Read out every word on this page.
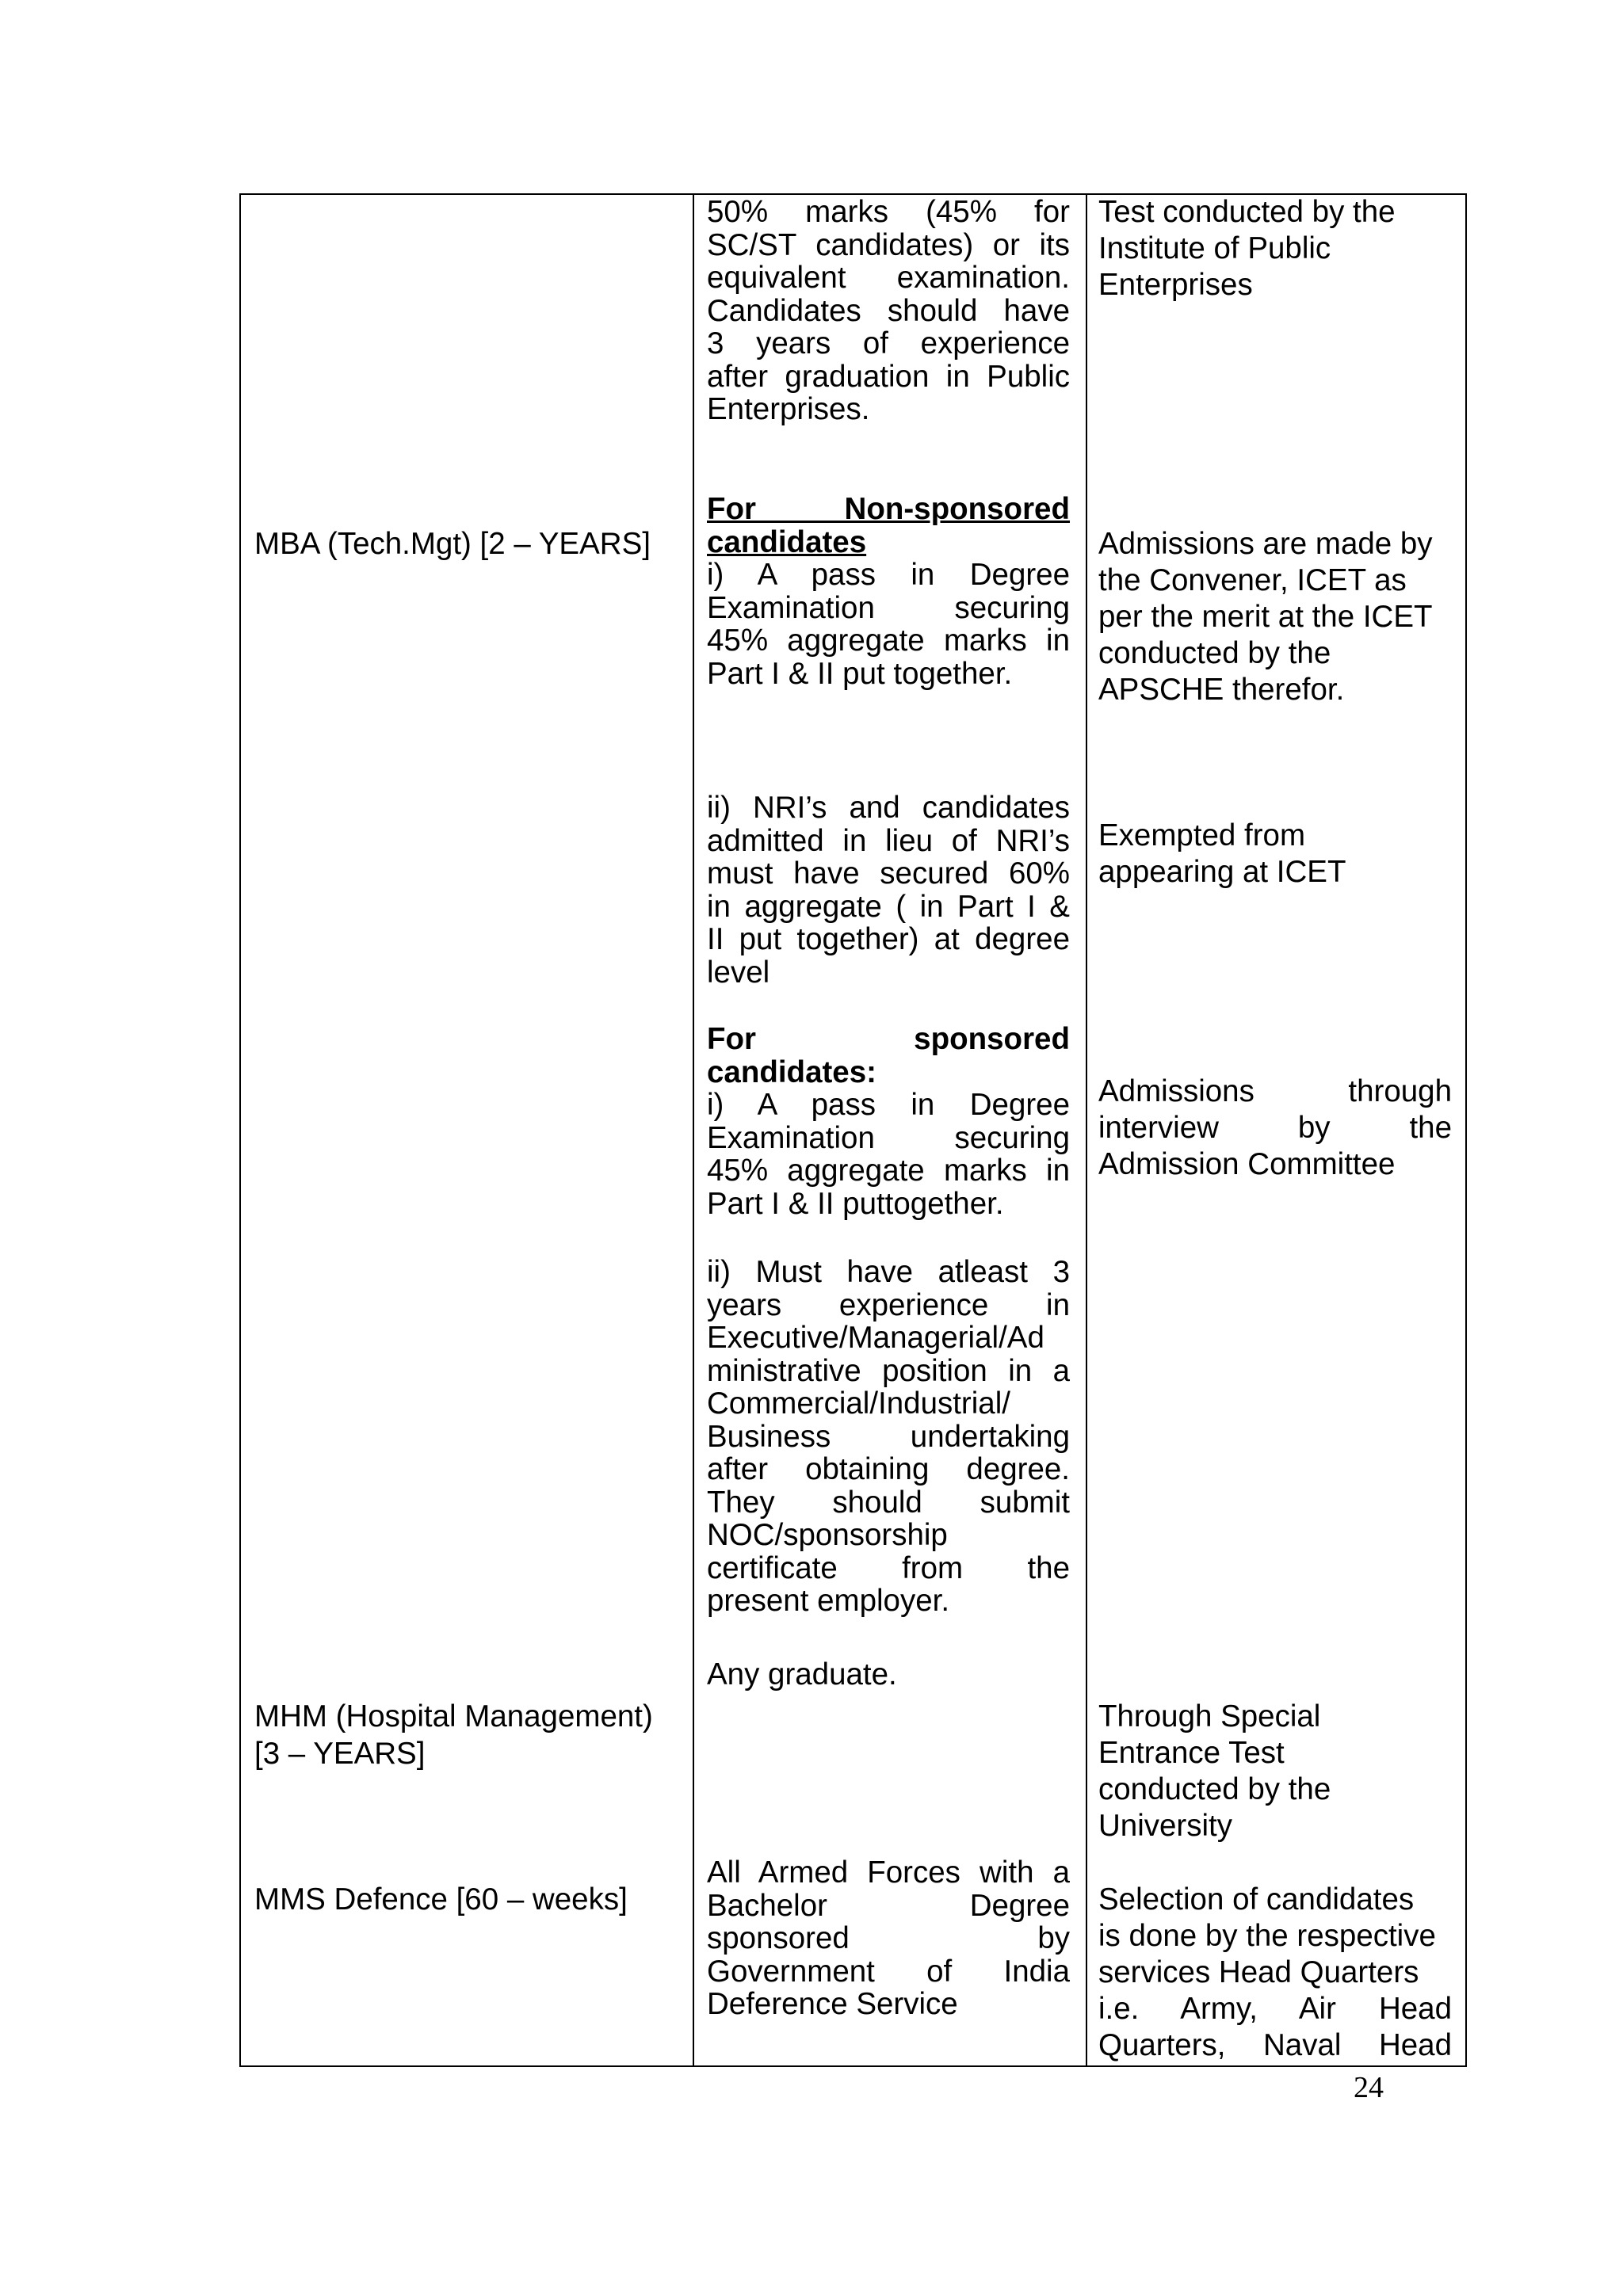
MBA (Tech.Mgt) [2 – YEARS]
MHM (Hospital Management)
[3 – YEARS]
MMS Defence [60 – weeks]
50% marks (45% for
SC/ST candidates) or its
equivalent examination.
Candidates should have
3 years of experience
after graduation in Public
Enterprises.
For Non-sponsored
candidates
i) A pass in Degree
Examination securing
45% aggregate marks in
Part I & II put together.
ii) NRI’s and candidates
admitted in lieu of NRI’s
must have secured 60%
in aggregate ( in Part I &
II put together) at degree
level
For sponsored
candidates:
i) A pass in Degree
Examination securing
45% aggregate marks in
Part I & II puttogether.
ii) Must have atleast 3
years experience in
Executive/Managerial/Ad
ministrative position in a
Commercial/Industrial/
Business undertaking
after obtaining degree.
They should submit
NOC/sponsorship
certificate from the
present employer.
Any graduate.
All Armed Forces with a
Bachelor Degree
sponsored by
Government of India
Deference Service
Test conducted by the
Institute of Public
Enterprises
Admissions are made by
the Convener, ICET as
per the merit at the ICET
conducted by the
APSCHE therefor.
Exempted from
appearing at ICET
Admissions through
interview by the
Admission Committee
Through Special
Entrance Test
conducted by the
University
Selection of candidates
is done by the respective
services Head Quarters
i.e. Army, Air Head
Quarters, Naval Head
24
